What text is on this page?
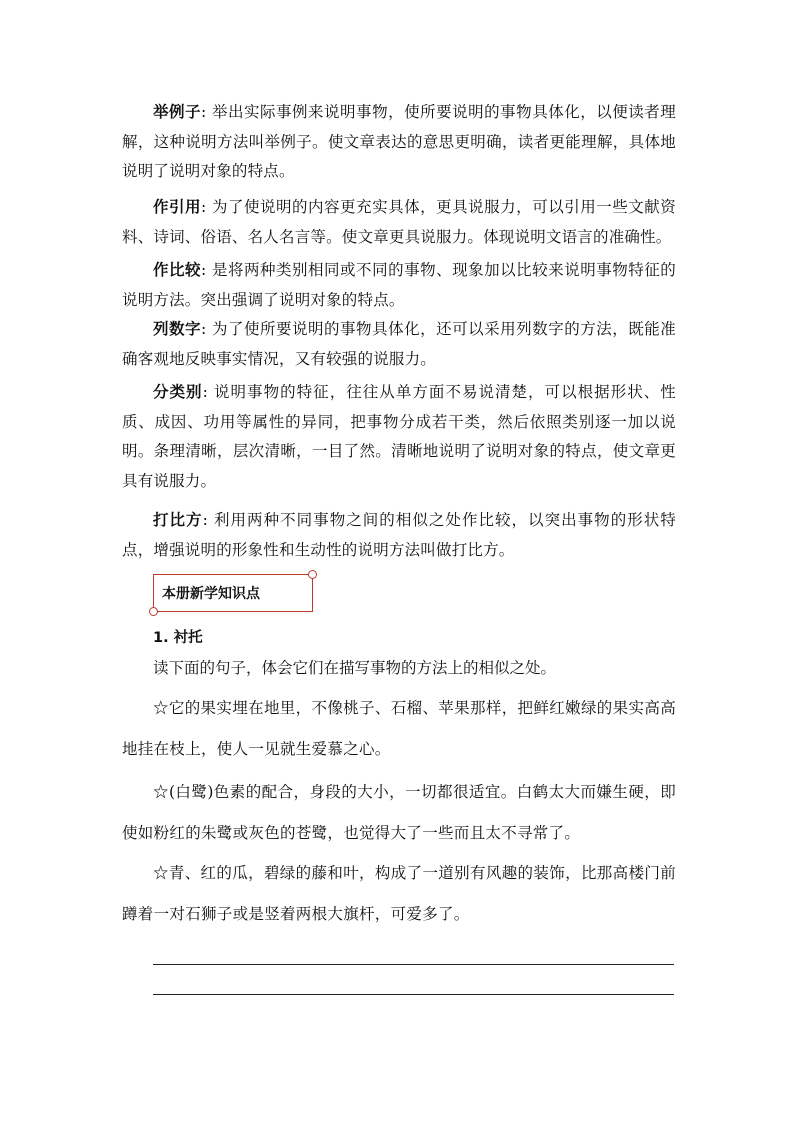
举例子: 举出实际事例来说明事物，使所要说明的事物具体化，以便读者理解，这种说明方法叫举例子。使文章表达的意思更明确，读者更能理解，具体地说明了说明对象的特点。

作引用: 为了使说明的内容更充实具体，更具说服力，可以引用一些文献资料、诗词、俗语、名人名言等。使文章更具说服力。体现说明文语言的准确性。

作比较: 是将两种类别相同或不同的事物、现象加以比较来说明事物特征的说明方法。突出强调了说明对象的特点。

列数字: 为了使所要说明的事物具体化，还可以采用列数字的方法，既能准确客观地反映事实情况，又有较强的说服力。

分类别: 说明事物的特征，往往从单方面不易说清楚，可以根据形状、性质、成因、功用等属性的异同，把事物分成若干类，然后依照类别逐一加以说明。条理清晰，层次清晰，一目了然。清晰地说明了说明对象的特点，使文章更具有说服力。

打比方: 利用两种不同事物之间的相似之处作比较，以突出事物的形状特点，增强说明的形象性和生动性的说明方法叫做打比方。

本册新学知识点
1. 衬托
读下面的句子，体会它们在描写事物的方法上的相似之处。

☆它的果实埋在地里，不像桃子、石榴、苹果那样，把鲜红嫩绿的果实高高地挂在枝上，使人一见就生爱慕之心。

☆(白鹭)色素的配合，身段的大小，一切都很适宜。白鹤太大而嫌生硬，即使如粉红的朱鹭或灰色的苍鹭，也觉得大了一些而且太不寻常了。

☆青、红的瓜，碧绿的藤和叶，构成了一道别有风趣的装饰，比那高楼门前蹲着一对石狮子或是竖着两根大旗杆，可爱多了。
